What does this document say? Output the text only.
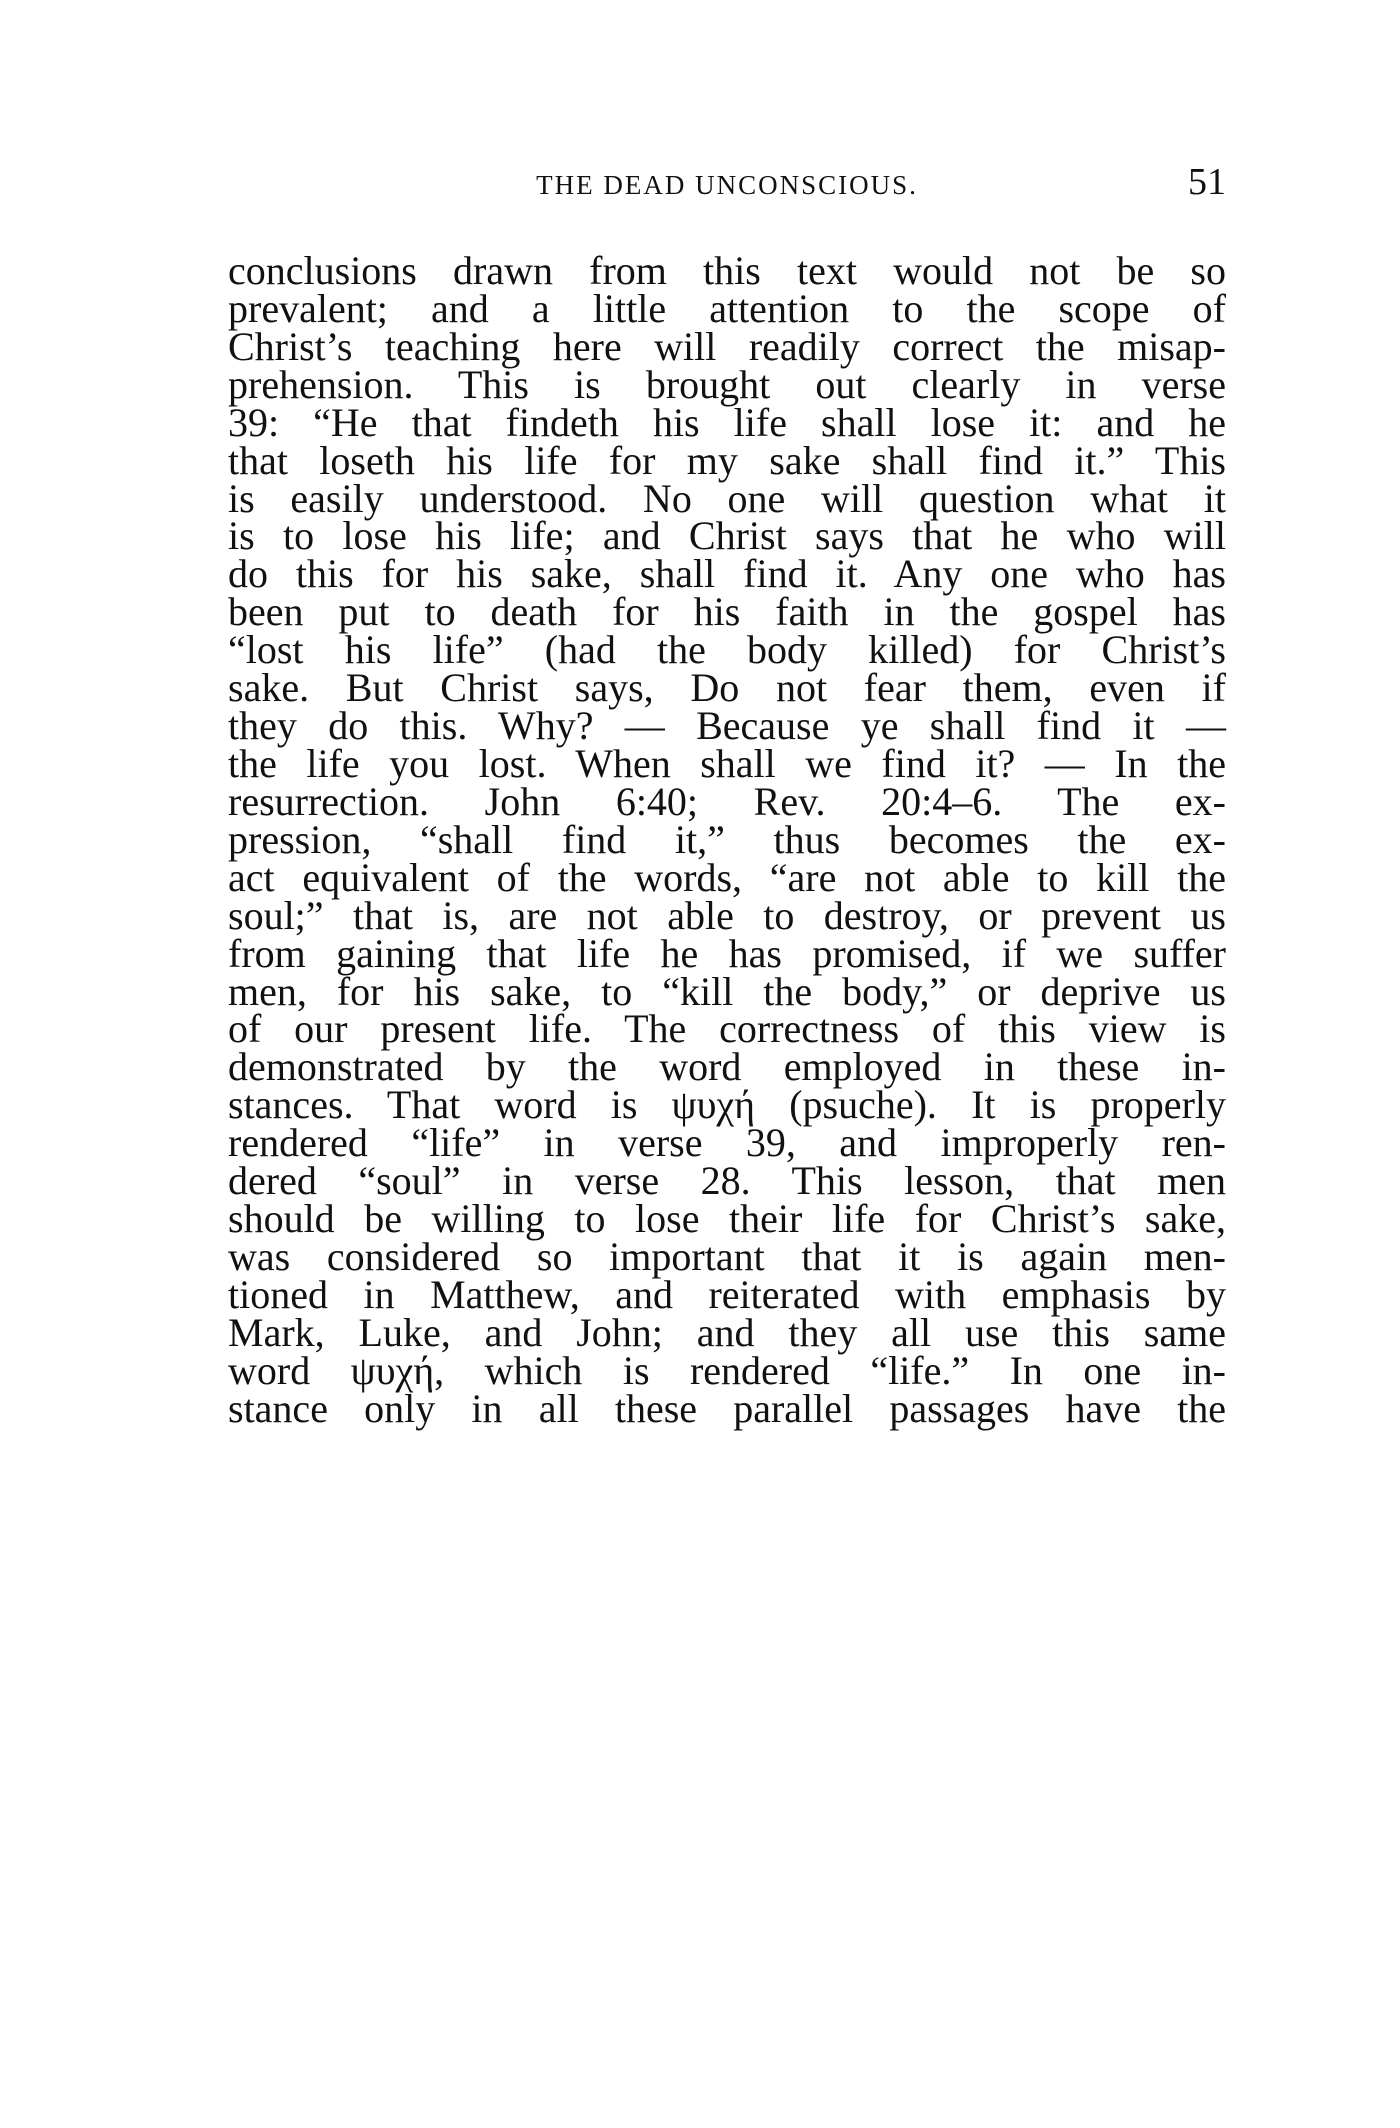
THE DEAD UNCONSCIOUS.	51
conclusions drawn from this text would not be so
prevalent; and a little attention to the scope of
Christ’s teaching here will readily correct the misap-
prehension. This is brought out clearly in verse
39: “He that findeth his life shall lose it: and he
that loseth his life for my sake shall find it.” This
is easily understood. No one will question what it
is to lose his life; and Christ says that he who will
do this for his sake, shall find it. Any one who has
been put to death for his faith in the gospel has
“lost his life” (had the body killed) for Christ’s
sake. But Christ says, Do not fear them, even if
they do this. Why? — Because ye shall find it —
the life you lost. When shall we find it? — In the
resurrection. John 6:40; Rev. 20:4–6. The ex-
pression, “shall find it,” thus becomes the ex-
act equivalent of the words, “are not able to kill the
soul;” that is, are not able to destroy, or prevent us
from gaining that life he has promised, if we suffer
men, for his sake, to “kill the body,” or deprive us
of our present life. The correctness of this view is
demonstrated by the word employed in these in-
stances. That word is ψυχή (psuche). It is properly
rendered “life” in verse 39, and improperly ren-
dered “soul” in verse 28. This lesson, that men
should be willing to lose their life for Christ’s sake,
was considered so important that it is again men-
tioned in Matthew, and reiterated with emphasis by
Mark, Luke, and John; and they all use this same
word ψυχή, which is rendered “life.” In one in-
stance only in all these parallel passages have the
